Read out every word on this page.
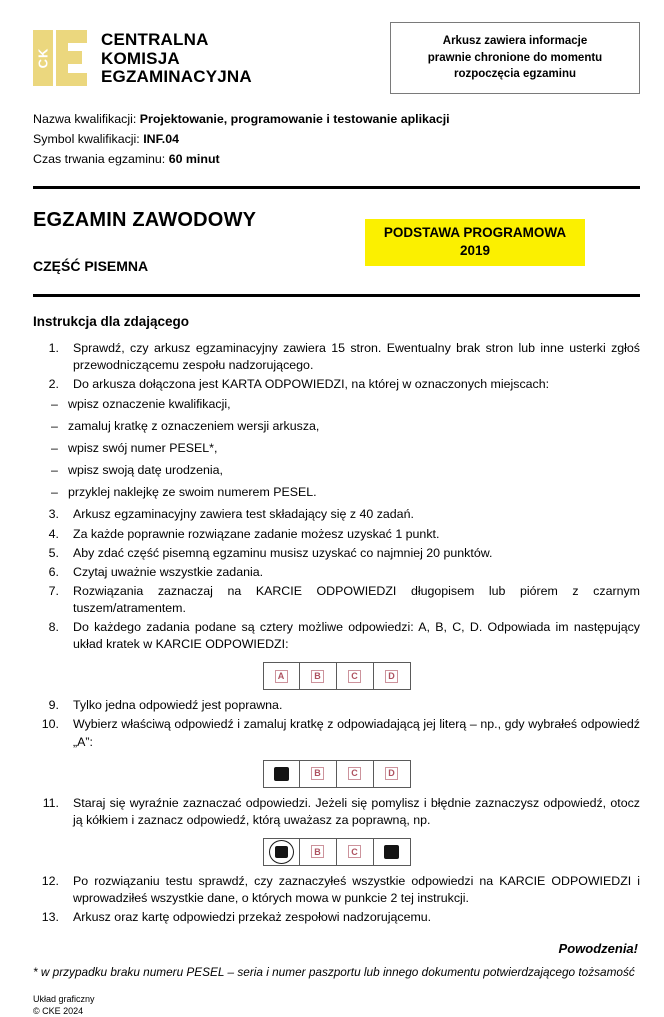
CK
CENTRALNA
KOMISJA
EGZAMINACYJNA
Arkusz zawiera informacje
prawnie chronione do momentu
rozpoczęcia egzaminu
Nazwa kwalifikacji: Projektowanie, programowanie i testowanie aplikacji
Symbol kwalifikacji: INF.04
Czas trwania egzaminu: 60 minut
EGZAMIN ZAWODOWY
CZĘŚĆ PISEMNA
PODSTAWA PROGRAMOWA
2019
Instrukcja dla zdającego
1. Sprawdź, czy arkusz egzaminacyjny zawiera 15 stron. Ewentualny brak stron lub inne usterki zgłoś przewodniczącemu zespołu nadzorującego.
2. Do arkusza dołączona jest KARTA ODPOWIEDZI, na której w oznaczonych miejscach:
– wpisz oznaczenie kwalifikacji,
– zamaluj kratkę z oznaczeniem wersji arkusza,
– wpisz swój numer PESEL*,
– wpisz swoją datę urodzenia,
– przyklej naklejkę ze swoim numerem PESEL.
3. Arkusz egzaminacyjny zawiera test składający się z 40 zadań.
4. Za każde poprawnie rozwiązane zadanie możesz uzyskać 1 punkt.
5. Aby zdać część pisemną egzaminu musisz uzyskać co najmniej 20 punktów.
6. Czytaj uważnie wszystkie zadania.
7. Rozwiązania zaznaczaj na KARCIE ODPOWIEDZI długopisem lub piórem z czarnym tuszem/atramentem.
8. Do każdego zadania podane są cztery możliwe odpowiedzi: A, B, C, D. Odpowiada im następujący układ kratek w KARCIE ODPOWIEDZI:
A	B	C	D
9. Tylko jedna odpowiedź jest poprawna.
10. Wybierz właściwą odpowiedź i zamaluj kratkę z odpowiadającą jej literą – np., gdy wybrałeś odpowiedź „A”:
B	C	D
11. Staraj się wyraźnie zaznaczać odpowiedzi. Jeżeli się pomylisz i błędnie zaznaczysz odpowiedź, otocz ją kółkiem i zaznacz odpowiedź, którą uważasz za poprawną, np.
B	C
12. Po rozwiązaniu testu sprawdź, czy zaznaczyłeś wszystkie odpowiedzi na KARCIE ODPOWIEDZI i wprowadziłeś wszystkie dane, o których mowa w punkcie 2 tej instrukcji.
13. Arkusz oraz kartę odpowiedzi przekaż zespołowi nadzorującemu.
Powodzenia!
* w przypadku braku numeru PESEL – seria i numer paszportu lub innego dokumentu potwierdzającego tożsamość
Układ graficzny
© CKE 2024
